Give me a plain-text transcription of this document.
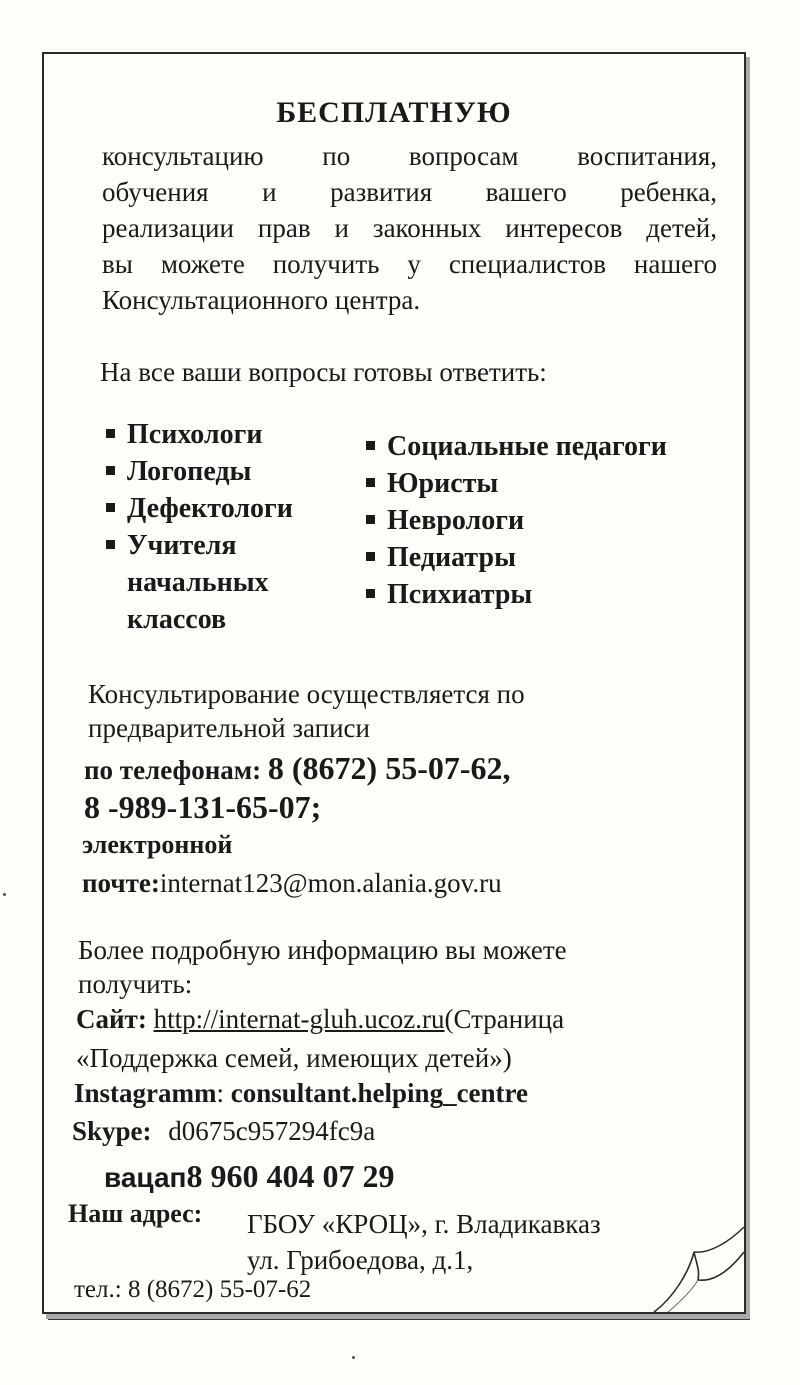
БЕСПЛАТНУЮ
консультацию по вопросам воспитания,
обучения и развития вашего ребенка,
реализации прав и законных интересов детей,
вы можете получить у специалистов нашего
Консультационного центра.
На все ваши вопросы готовы ответить:
Психологи
Логопеды
Дефектологи
Учителя
начальных
классов
Социальные педагоги
Юристы
Неврологи
Педиатры
Психиатры
Консультирование осуществляется по
предварительной записи
по телефонам: 8 (8672) 55-07-62,
8 -989-131-65-07;
электронной
почте:internat123@mon.alania.gov.ru
Более подробную информацию вы можете
получить:
Сайт: http://internat-gluh.ucoz.ru(Страница
«Поддержка семей, имеющих детей»)
Instagramm: consultant.helping_centre
Skype: d0675c957294fc9a
вацап8 960 404 07 29
Наш адрес: ГБОУ «КРОЦ», г. Владикавказ
ул. Грибоедова, д.1,
тел.: 8 (8672) 55-07-62
